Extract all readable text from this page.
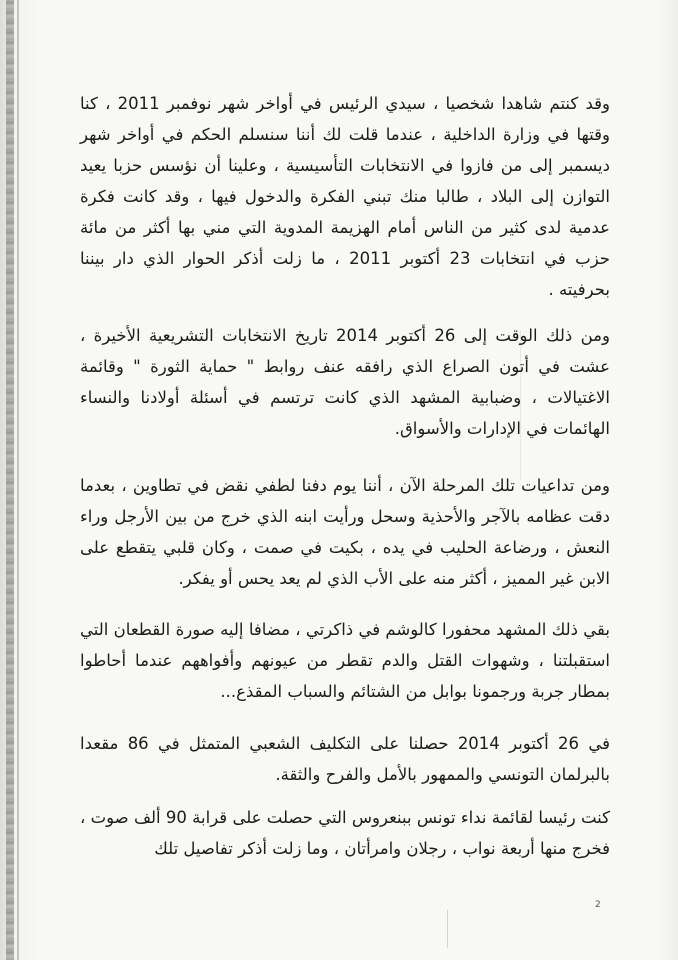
وقد كنتم شاهدا شخصيا ، سيدي الرئيس في أواخر شهر نوفمبر 2011 ، كنا وقتها في وزارة الداخلية ، عندما قلت لك أننا سنسلم الحكم في أواخر شهر ديسمبر إلى من فازوا في الانتخابات التأسيسية ، وعلينا أن نؤسس حزبا يعيد التوازن إلى البلاد ، طالبا منك تبني الفكرة والدخول فيها ، وقد كانت فكرة عدمية لدى كثير من الناس أمام الهزيمة المدوية التي مني بها أكثر من مائة حزب في انتخابات 23 أكتوبر 2011 ، ما زلت أذكر الحوار الذي دار بيننا بحرفيته .

ومن ذلك الوقت إلى 26 أكتوبر 2014 تاريخ الانتخابات التشريعية الأخيرة ، عشت في أتون الصراع الذي رافقه عنف روابط " حماية الثورة " وقائمة الاغتيالات ، وضبابية المشهد الذي كانت ترتسم في أسئلة أولادنا والنساء الهائمات في الإدارات والأسواق.

ومن تداعيات تلك المرحلة الآن ، أننا يوم دفنا لطفي نقض في تطاوين ، بعدما دقت عظامه بالآجر والأحذية وسحل ورأيت ابنه الذي خرج من بين الأرجل وراء النعش ، ورضاعة الحليب في يده ، بكيت في صمت ، وكان قلبي يتقطع على الابن غير المميز ، أكثر منه على الأب الذي لم يعد يحس أو يفكر.

بقي ذلك المشهد محفورا كالوشم في ذاكرتي ، مضافا إليه صورة القطعان التي استقبلتنا ، وشهوات القتل والدم تقطر من عيونهم وأفواههم عندما أحاطوا بمطار جربة ورجمونا بوابل من الشتائم والسباب المقذع...

في 26 أكتوبر 2014 حصلنا على التكليف الشعبي المتمثل في 86 مقعدا بالبرلمان التونسي والممهور بالأمل والفرح والثقة.

كنت رئيسا لقائمة نداء تونس ببنعروس التي حصلت على قرابة 90 ألف صوت ، فخرج منها أربعة نواب ، رجلان وامرأتان ، وما زلت أذكر تفاصيل تلك

2
